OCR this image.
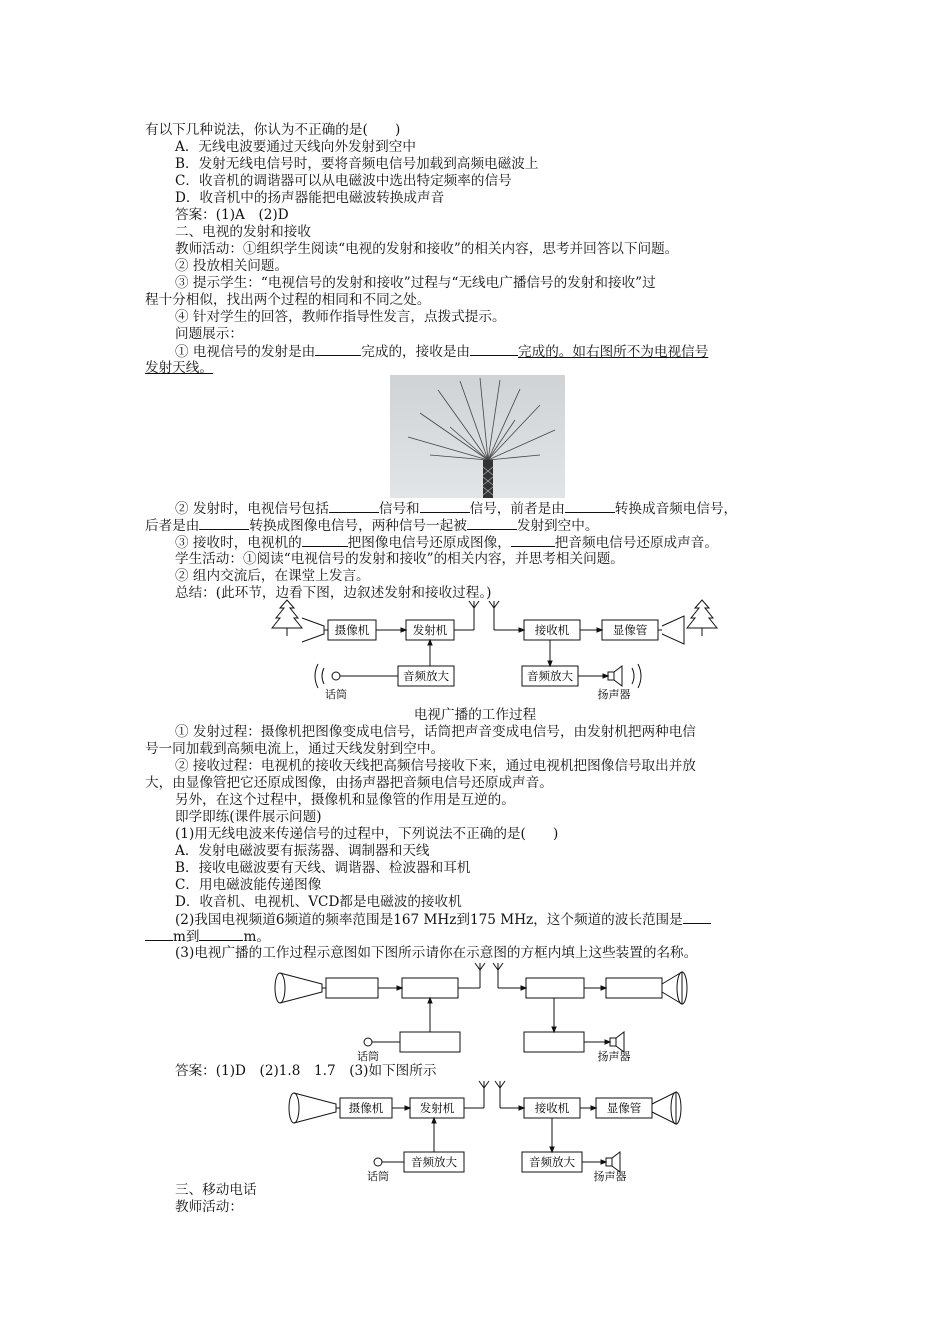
有以下几种说法，你认为不正确的是(　　)
A．无线电波要通过天线向外发射到空中
B．发射无线电信号时，要将音频电信号加载到高频电磁波上
C．收音机的调谐器可以从电磁波中选出特定频率的信号
D．收音机中的扬声器能把电磁波转换成声音
答案：(1)A　(2)D
二、电视的发射和接收
教师活动：①组织学生阅读“电视的发射和接收”的相关内容，思考并回答以下问题。
② 投放相关问题。
③ 提示学生：“电视信号的发射和接收”过程与“无线电广播信号的发射和接收”过
程十分相似，找出两个过程的相同和不同之处。
④ 针对学生的回答，教师作指导性发言，点拨式提示。
问题展示：
① 电视信号的发射是由	完成的，接收是由	完成的。如右图所不为电视信号
发射天线。
② 发射时，电视信号包括	信号和	信号，前者是由	转换成音频电信号，
后者是由	转换成图像电信号，两种信号一起被	发射到空中。
③ 接收时，电视机的	把图像电信号还原成图像，	把音频电信号还原成声音。
学生活动：①阅读“电视信号的发射和接收”的相关内容，并思考相关问题。
② 组内交流后，在课堂上发言。
总结：(此环节，边看下图，边叙述发射和接收过程。)
摄像机	发射机	接收机	显像管
音频放大	音频放大
话筒	扬声器
电视广播的工作过程
① 发射过程：摄像机把图像变成电信号，话筒把声音变成电信号，由发射机把两种电信
号一同加载到高频电流上，通过天线发射到空中。
② 接收过程：电视机的接收天线把高频信号接收下来，通过电视机把图像信号取出并放
大，由显像管把它还原成图像，由扬声器把音频电信号还原成声音。
另外，在这个过程中，摄像机和显像管的作用是互逆的。
即学即练(课件展示问题)
(1)用无线电波来传递信号的过程中，下列说法不正确的是(　　)
A．发射电磁波要有振荡器、调制器和天线
B．接收电磁波要有天线、调谐器、检波器和耳机
C．用电磁波能传递图像
D．收音机、电视机、VCD都是电磁波的接收机
(2)我国电视频道6频道的频率范围是167 MHz到175 MHz，这个频道的波长范围是
m到	m。
(3)电视广播的工作过程示意图如下图所示请你在示意图的方框内填上这些装置的名称。
话筒	扬声器
答案：(1)D　(2)1.8　1.7　(3)如下图所示
摄像机	发射机	接收机	显像管
音频放大	音频放大
话筒	扬声器
三、移动电话
教师活动：
